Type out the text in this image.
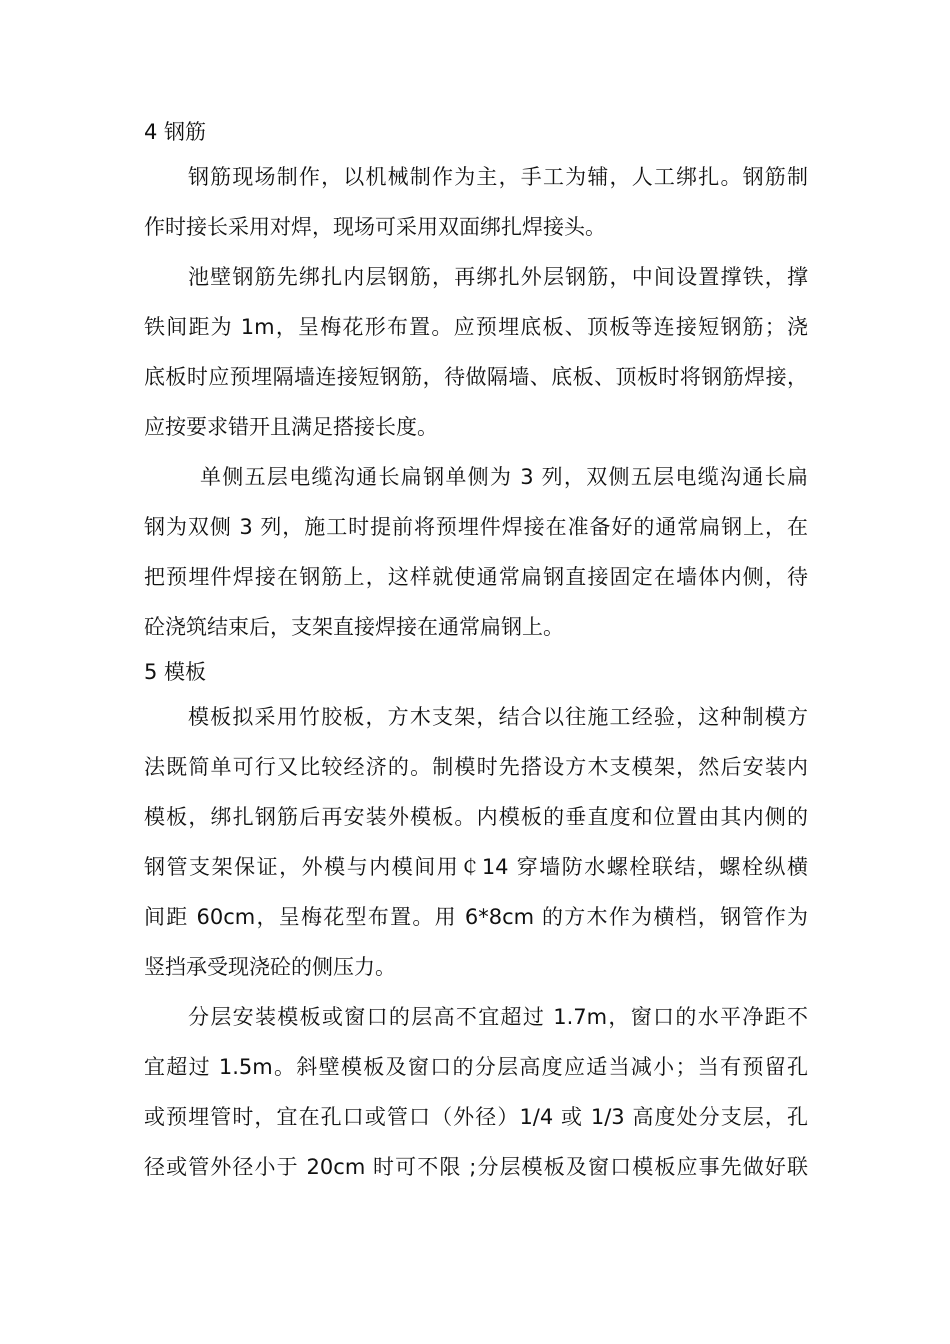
4 钢筋

钢筋现场制作，以机械制作为主，手工为辅，人工绑扎。钢筋制
作时接长采用对焊，现场可采用双面绑扎焊接头。

池壁钢筋先绑扎内层钢筋，再绑扎外层钢筋，中间设置撑铁，撑
铁间距为 1m，呈梅花形布置。应预埋底板、顶板等连接短钢筋；浇
底板时应预埋隔墙连接短钢筋，待做隔墙、底板、顶板时将钢筋焊接，
应按要求错开且满足搭接长度。

单侧五层电缆沟通长扁钢单侧为 3 列，双侧五层电缆沟通长扁
钢为双侧 3 列，施工时提前将预埋件焊接在准备好的通常扁钢上，在
把预埋件焊接在钢筋上，这样就使通常扁钢直接固定在墙体内侧，待
砼浇筑结束后，支架直接焊接在通常扁钢上。

5 模板

模板拟采用竹胶板，方木支架，结合以往施工经验，这种制模方
法既简单可行又比较经济的。制模时先搭设方木支模架，然后安装内
模板，绑扎钢筋后再安装外模板。内模板的垂直度和位置由其内侧的
钢管支架保证，外模与内模间用￠14 穿墙防水螺栓联结，螺栓纵横
间距 60cm，呈梅花型布置。用 6*8cm 的方木作为横档，钢管作为
竖挡承受现浇砼的侧压力。

分层安装模板或窗口的层高不宜超过 1.7m，窗口的水平净距不
宜超过 1.5m。斜壁模板及窗口的分层高度应适当减小；当有预留孔
或预埋管时，宜在孔口或管口（外径）1/4 或 1/3 高度处分支层，孔
径或管外径小于 20cm 时可不限 ;分层模板及窗口模板应事先做好联
